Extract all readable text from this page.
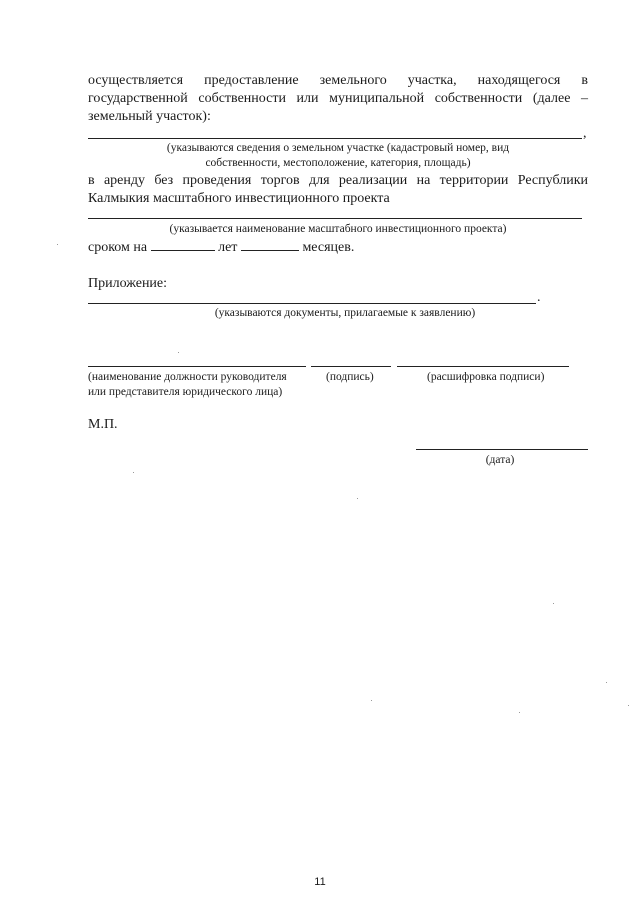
осуществляется предоставление земельного участка, находящегося в
государственной собственности или муниципальной собственности (далее –
земельный участок):
,
(указываются сведения о земельном участке (кадастровый номер, вид
собственности, местоположение, категория, площадь)
в аренду без проведения торгов для реализации на территории Республики
Калмыкия масштабного инвестиционного проекта
(указывается наименование масштабного инвестиционного проекта)
сроком на	лет	месяцев.
Приложение:
.
(указываются документы, прилагаемые к заявлению)
(наименование должности руководителя
или представителя юридического лица)
(подпись)	(расшифровка подписи)
М.П.
(дата)
11
